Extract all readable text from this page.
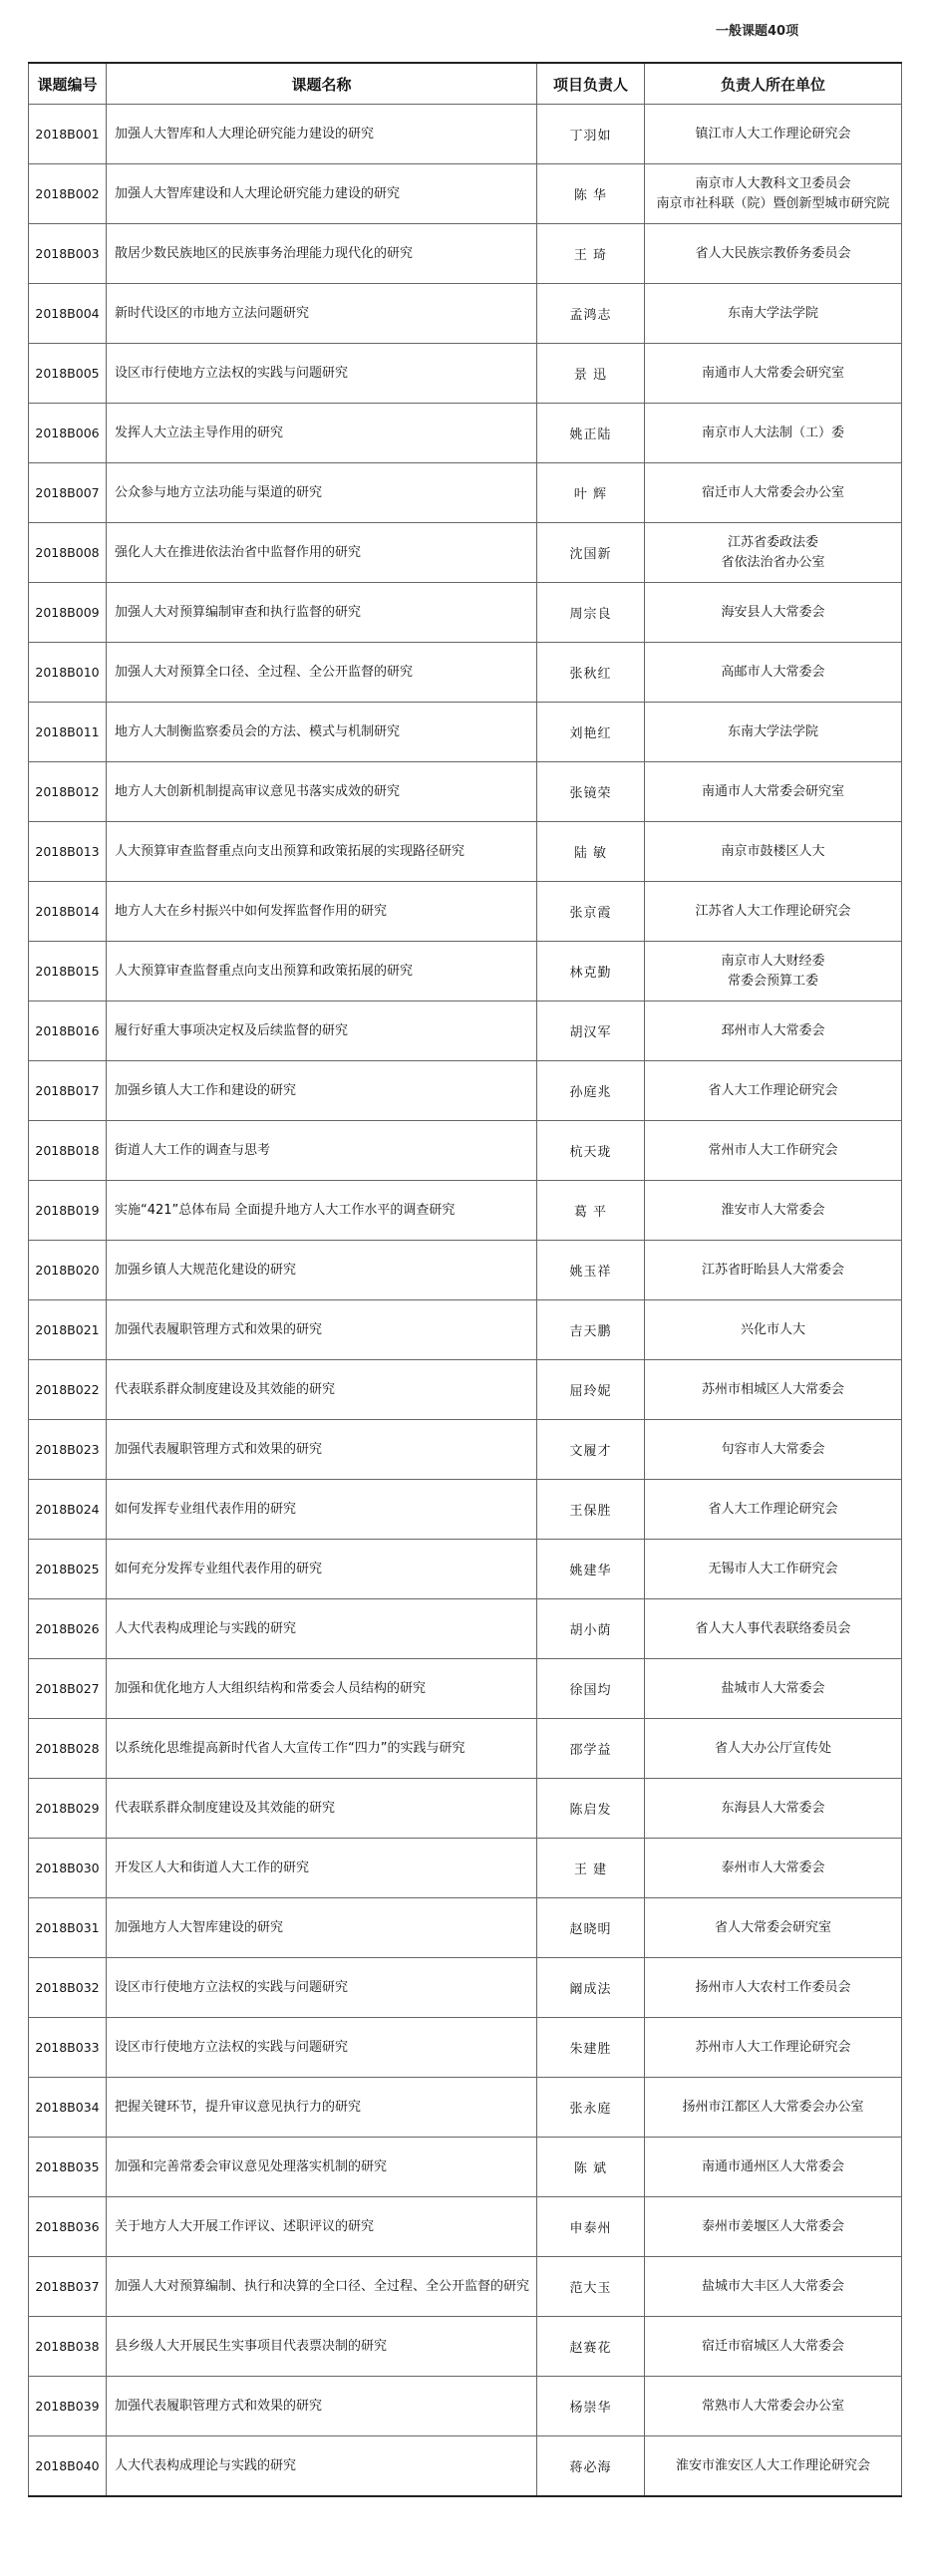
一般课题40项
课题编号	课题名称	项目负责人	负责人所在单位
2018B001	加强人大智库和人大理论研究能力建设的研究	丁羽如	镇江市人大工作理论研究会

2018B002	加强人大智库建设和人大理论研究能力建设的研究	陈 华	南京市人大教科文卫委员会
南京市社科联（院）暨创新型城市研究院

2018B003	散居少数民族地区的民族事务治理能力现代化的研究	王 琦	省人大民族宗教侨务委员会

2018B004	新时代设区的市地方立法问题研究	孟鸿志	东南大学法学院

2018B005	设区市行使地方立法权的实践与问题研究	景 迅	南通市人大常委会研究室

2018B006	发挥人大立法主导作用的研究	姚正陆	南京市人大法制（工）委

2018B007	公众参与地方立法功能与渠道的研究	叶 辉	宿迁市人大常委会办公室

2018B008	强化人大在推进依法治省中监督作用的研究	沈国新	江苏省委政法委
省依法治省办公室

2018B009	加强人大对预算编制审查和执行监督的研究	周宗良	海安县人大常委会

2018B010	加强人大对预算全口径、全过程、全公开监督的研究	张秋红	高邮市人大常委会

2018B011	地方人大制衡监察委员会的方法、模式与机制研究	刘艳红	东南大学法学院

2018B012	地方人大创新机制提高审议意见书落实成效的研究	张镜荣	南通市人大常委会研究室

2018B013	人大预算审查监督重点向支出预算和政策拓展的实现路径研究	陆 敏	南京市鼓楼区人大

2018B014	地方人大在乡村振兴中如何发挥监督作用的研究	张京霞	江苏省人大工作理论研究会

2018B015	人大预算审查监督重点向支出预算和政策拓展的研究	林克勤	南京市人大财经委
常委会预算工委

2018B016	履行好重大事项决定权及后续监督的研究	胡汉军	邳州市人大常委会

2018B017	加强乡镇人大工作和建设的研究	孙庭兆	省人大工作理论研究会

2018B018	街道人大工作的调查与思考	杭天珑	常州市人大工作研究会

2018B019	实施“421”总体布局 全面提升地方人大工作水平的调查研究	葛 平	淮安市人大常委会

2018B020	加强乡镇人大规范化建设的研究	姚玉祥	江苏省盱眙县人大常委会

2018B021	加强代表履职管理方式和效果的研究	吉天鹏	兴化市人大

2018B022	代表联系群众制度建设及其效能的研究	屈玲妮	苏州市相城区人大常委会

2018B023	加强代表履职管理方式和效果的研究	文履才	句容市人大常委会

2018B024	如何发挥专业组代表作用的研究	王保胜	省人大工作理论研究会

2018B025	如何充分发挥专业组代表作用的研究	姚建华	无锡市人大工作研究会

2018B026	人大代表构成理论与实践的研究	胡小荫	省人大人事代表联络委员会

2018B027	加强和优化地方人大组织结构和常委会人员结构的研究	徐国均	盐城市人大常委会

2018B028	以系统化思维提高新时代省人大宣传工作“四力”的实践与研究	邵学益	省人大办公厅宣传处

2018B029	代表联系群众制度建设及其效能的研究	陈启发	东海县人大常委会

2018B030	开发区人大和街道人大工作的研究	王 建	泰州市人大常委会

2018B031	加强地方人大智库建设的研究	赵晓明	省人大常委会研究室

2018B032	设区市行使地方立法权的实践与问题研究	阚成法	扬州市人大农村工作委员会

2018B033	设区市行使地方立法权的实践与问题研究	朱建胜	苏州市人大工作理论研究会

2018B034	把握关键环节，提升审议意见执行力的研究	张永庭	扬州市江都区人大常委会办公室

2018B035	加强和完善常委会审议意见处理落实机制的研究	陈 斌	南通市通州区人大常委会

2018B036	关于地方人大开展工作评议、述职评议的研究	申泰州	泰州市姜堰区人大常委会

2018B037	加强人大对预算编制、执行和决算的全口径、全过程、全公开监督的研究	范大玉	盐城市大丰区人大常委会

2018B038	县乡级人大开展民生实事项目代表票决制的研究	赵赛花	宿迁市宿城区人大常委会

2018B039	加强代表履职管理方式和效果的研究	杨崇华	常熟市人大常委会办公室

2018B040	人大代表构成理论与实践的研究	蒋必海	淮安市淮安区人大工作理论研究会
